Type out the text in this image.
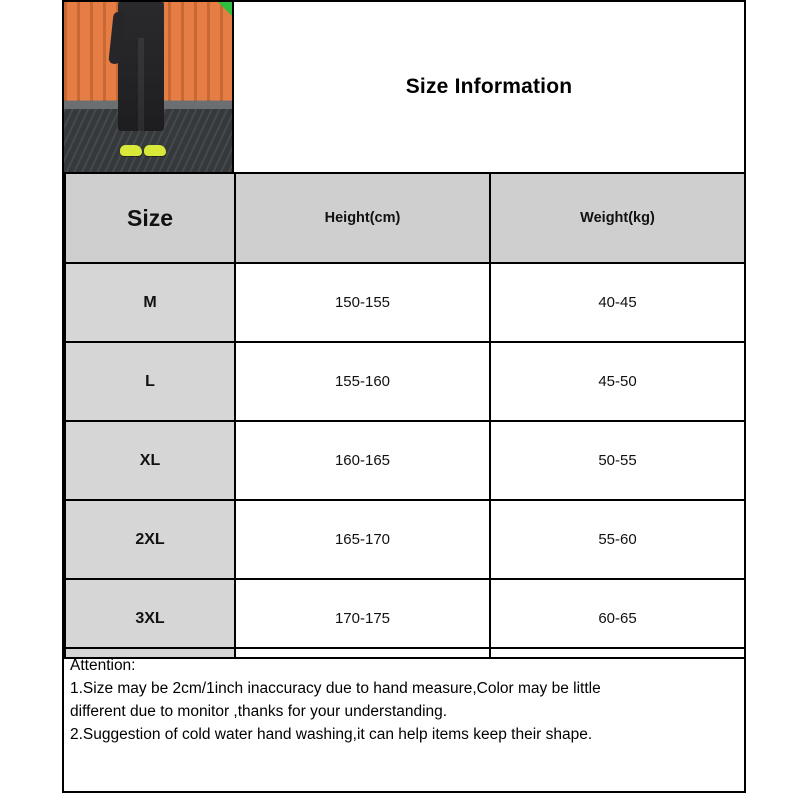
Size Information
Size	Height(cm)	Weight(kg)
M	150-155	40-45
L	155-160	45-50
XL	160-165	50-55
2XL	165-170	55-60
3XL	170-175	60-65

Attention:

1.Size may be 2cm/1inch inaccuracy due to hand measure,Color may be little

different due to monitor ,thanks for your understanding.

2.Suggestion of cold water hand washing,it can help items keep their shape.
